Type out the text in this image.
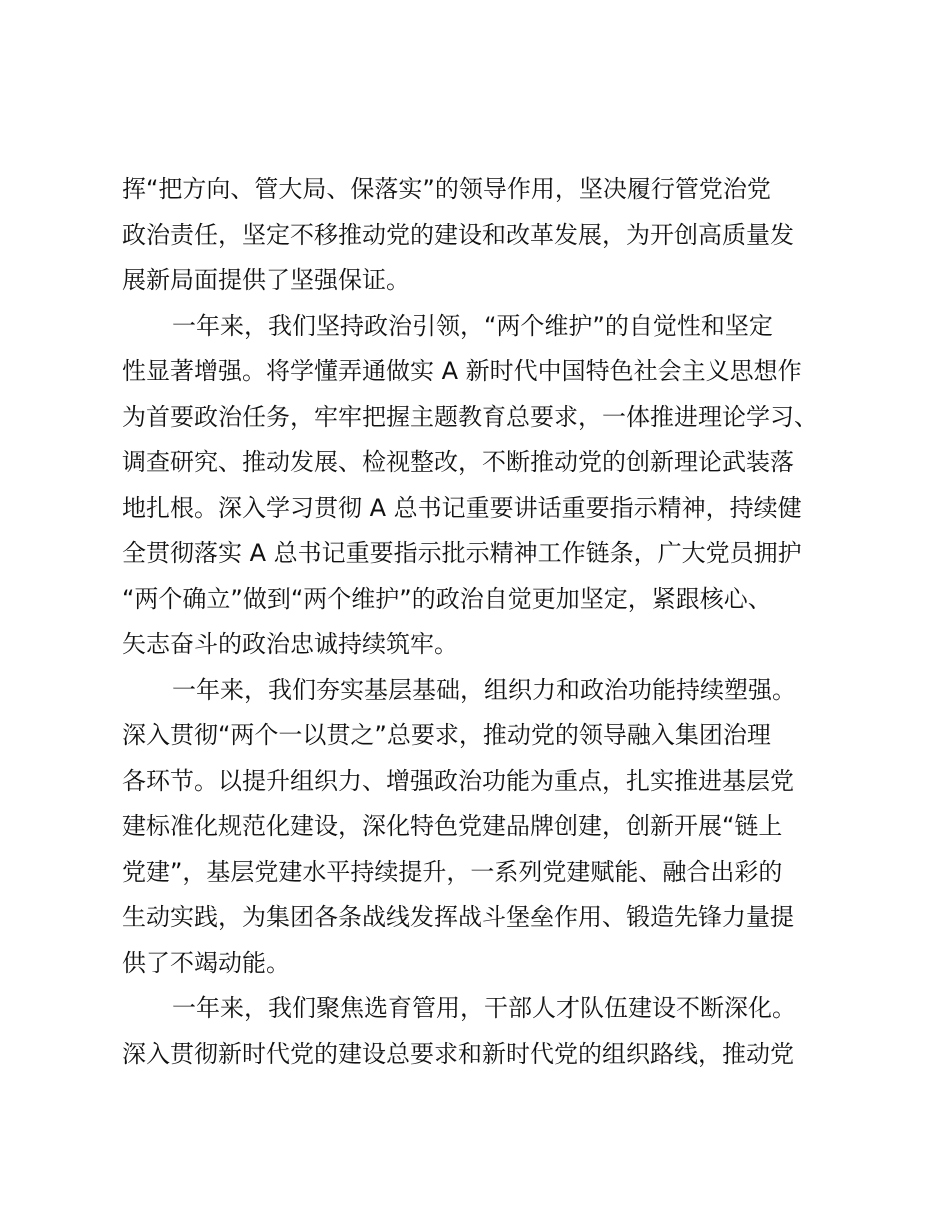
挥“把方向、管大局、保落实”的领导作用，坚决履行管党治党
政治责任，坚定不移推动党的建设和改革发展，为开创高质量发
展新局面提供了坚强保证。
一年来，我们坚持政治引领，“两个维护”的自觉性和坚定
性显著增强。将学懂弄通做实 A 新时代中国特色社会主义思想作
为首要政治任务，牢牢把握主题教育总要求，一体推进理论学习、
调查研究、推动发展、检视整改，不断推动党的创新理论武装落
地扎根。深入学习贯彻 A 总书记重要讲话重要指示精神，持续健
全贯彻落实 A 总书记重要指示批示精神工作链条，广大党员拥护
“两个确立”做到“两个维护”的政治自觉更加坚定，紧跟核心、
矢志奋斗的政治忠诚持续筑牢。
一年来，我们夯实基层基础，组织力和政治功能持续塑强。
深入贯彻“两个一以贯之”总要求，推动党的领导融入集团治理
各环节。以提升组织力、增强政治功能为重点，扎实推进基层党
建标准化规范化建设，深化特色党建品牌创建，创新开展“链上
党建”，基层党建水平持续提升，一系列党建赋能、融合出彩的
生动实践，为集团各条战线发挥战斗堡垒作用、锻造先锋力量提
供了不竭动能。
一年来，我们聚焦选育管用，干部人才队伍建设不断深化。
深入贯彻新时代党的建设总要求和新时代党的组织路线，推动党
